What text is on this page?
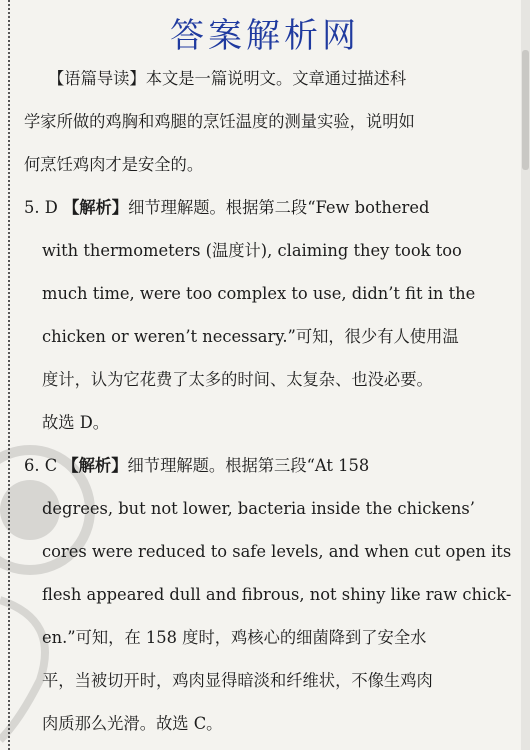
答案解析网
【语篇导读】本文是一篇说明文。文章通过描述科
学家所做的鸡胸和鸡腿的烹饪温度的测量实验，说明如
何烹饪鸡肉才是安全的。
5. D 【解析】细节理解题。根据第二段“Few bothered
with thermometers (温度计), claiming they took too
much time, were too complex to use, didn’t fit in the
chicken or weren’t necessary.”可知，很少有人使用温
度计，认为它花费了太多的时间、太复杂、也没必要。
故选 D。
6. C 【解析】细节理解题。根据第三段“At 158
degrees, but not lower, bacteria inside the chickens’
cores were reduced to safe levels, and when cut open its
flesh appeared dull and fibrous, not shiny like raw chick-
en.”可知，在 158 度时，鸡核心的细菌降到了安全水
平，当被切开时，鸡肉显得暗淡和纤维状，不像生鸡肉
肉质那么光滑。故选 C。
